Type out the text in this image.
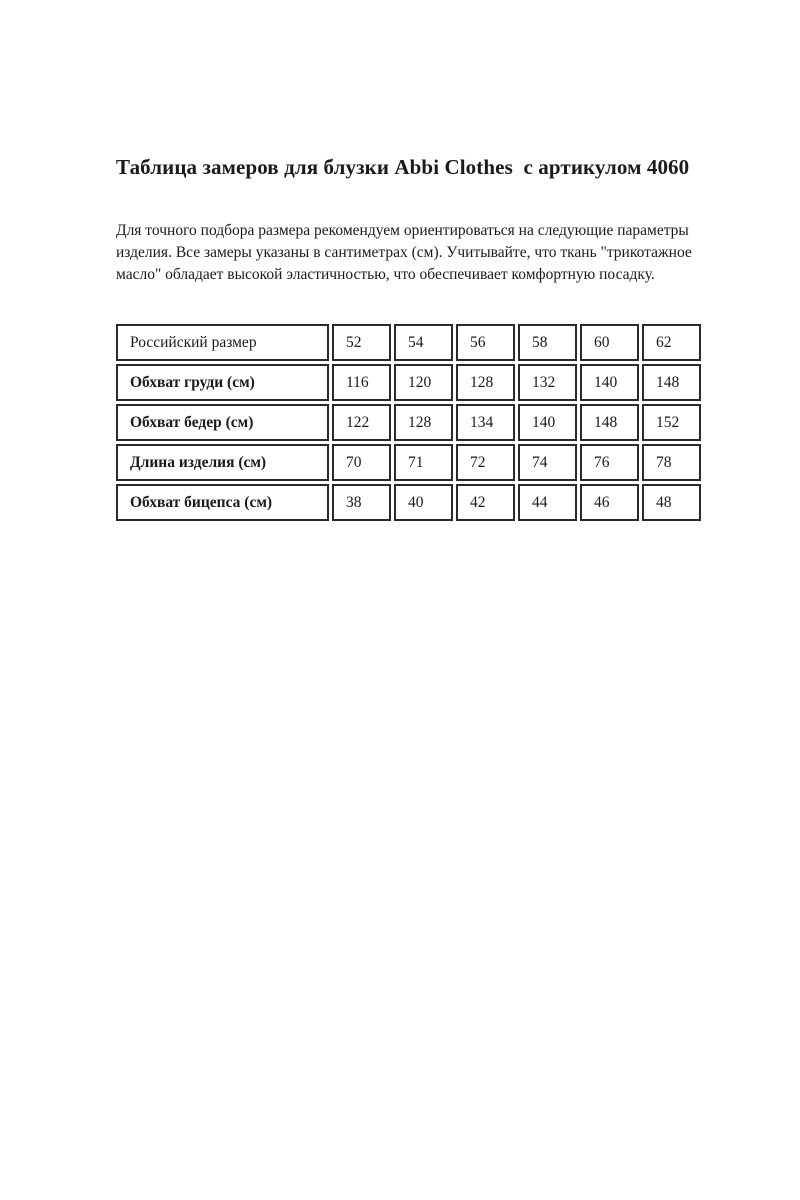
Таблица замеров для блузки Abbi Clothes  с артикулом 4060

Для точного подбора размера рекомендуем ориентироваться на следующие параметры
изделия. Все замеры указаны в сантиметрах (см). Учитывайте, что ткань "трикотажное
масло" обладает высокой эластичностью, что обеспечивает комфортную посадку.

Российский размер	52	54	56	58	60	62
Обхват груди (см)	116	120	128	132	140	148
Обхват бедер (см)	122	128	134	140	148	152
Длина изделия (см)	70	71	72	74	76	78
Обхват бицепса (см)	38	40	42	44	46	48
